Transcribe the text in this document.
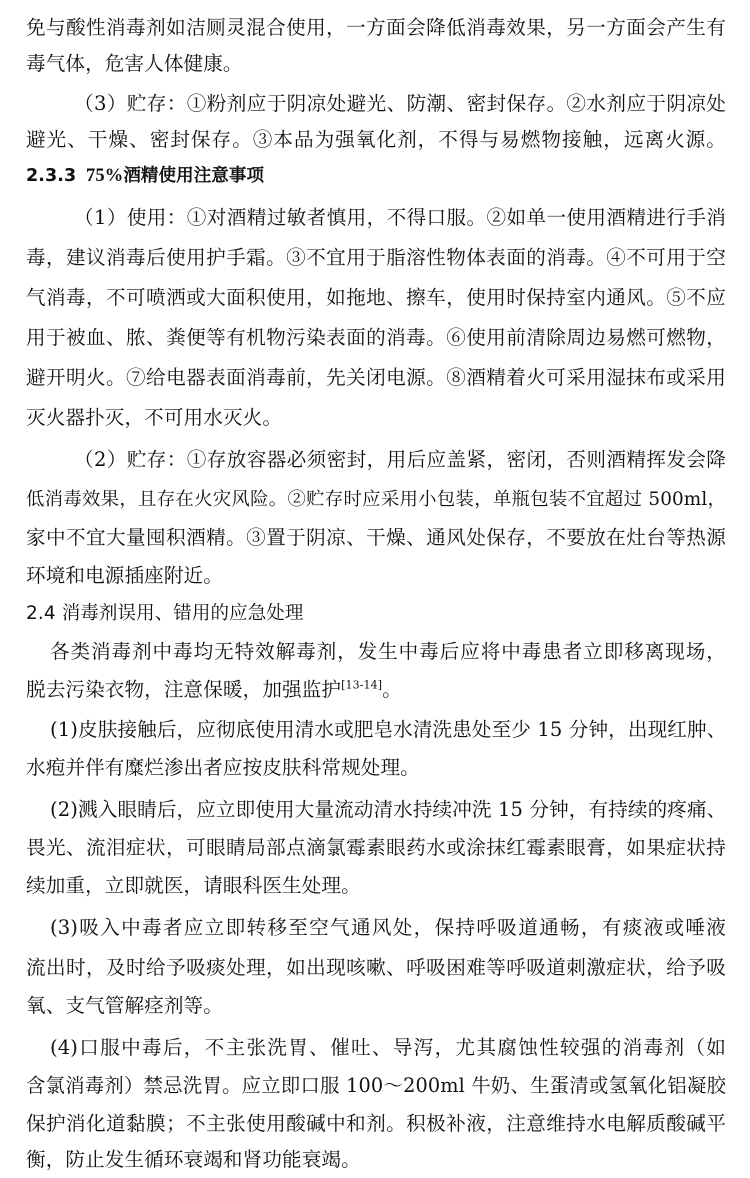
免与酸性消毒剂如洁厕灵混合使用，一方面会降低消毒效果，另一方面会产生有
毒气体，危害人体健康。
（3）贮存：①粉剂应于阴凉处避光、防潮、密封保存。②水剂应于阴凉处
避光、干燥、密封保存。③本品为强氧化剂，不得与易燃物接触，远离火源。
2.3.3 75%酒精使用注意事项
（1）使用：①对酒精过敏者慎用，不得口服。②如单一使用酒精进行手消
毒，建议消毒后使用护手霜。③不宜用于脂溶性物体表面的消毒。④不可用于空
气消毒，不可喷洒或大面积使用，如拖地、擦车，使用时保持室内通风。⑤不应
用于被血、脓、粪便等有机物污染表面的消毒。⑥使用前清除周边易燃可燃物，
避开明火。⑦给电器表面消毒前，先关闭电源。⑧酒精着火可采用湿抹布或采用
灭火器扑灭，不可用水灭火。
（2）贮存：①存放容器必须密封，用后应盖紧，密闭，否则酒精挥发会降
低消毒效果，且存在火灾风险。②贮存时应采用小包装，单瓶包装不宜超过 500ml，
家中不宜大量囤积酒精。③置于阴凉、干燥、通风处保存，不要放在灶台等热源
环境和电源插座附近。
2.4 消毒剂误用、错用的应急处理
各类消毒剂中毒均无特效解毒剂，发生中毒后应将中毒患者立即移离现场，
脱去污染衣物，注意保暖，加强监护[13-14]。
(1)皮肤接触后，应彻底使用清水或肥皂水清洗患处至少 15 分钟，出现红肿、
水疱并伴有糜烂渗出者应按皮肤科常规处理。
(2)溅入眼睛后，应立即使用大量流动清水持续冲洗 15 分钟，有持续的疼痛、
畏光、流泪症状，可眼睛局部点滴氯霉素眼药水或涂抹红霉素眼膏，如果症状持
续加重，立即就医，请眼科医生处理。
(3)吸入中毒者应立即转移至空气通风处，保持呼吸道通畅，有痰液或唾液
流出时，及时给予吸痰处理，如出现咳嗽、呼吸困难等呼吸道刺激症状，给予吸
氧、支气管解痉剂等。
(4)口服中毒后，不主张洗胃、催吐、导泻，尤其腐蚀性较强的消毒剂（如
含氯消毒剂）禁忌洗胃。应立即口服 100～200ml 牛奶、生蛋清或氢氧化铝凝胶
保护消化道黏膜；不主张使用酸碱中和剂。积极补液，注意维持水电解质酸碱平
衡，防止发生循环衰竭和肾功能衰竭。
